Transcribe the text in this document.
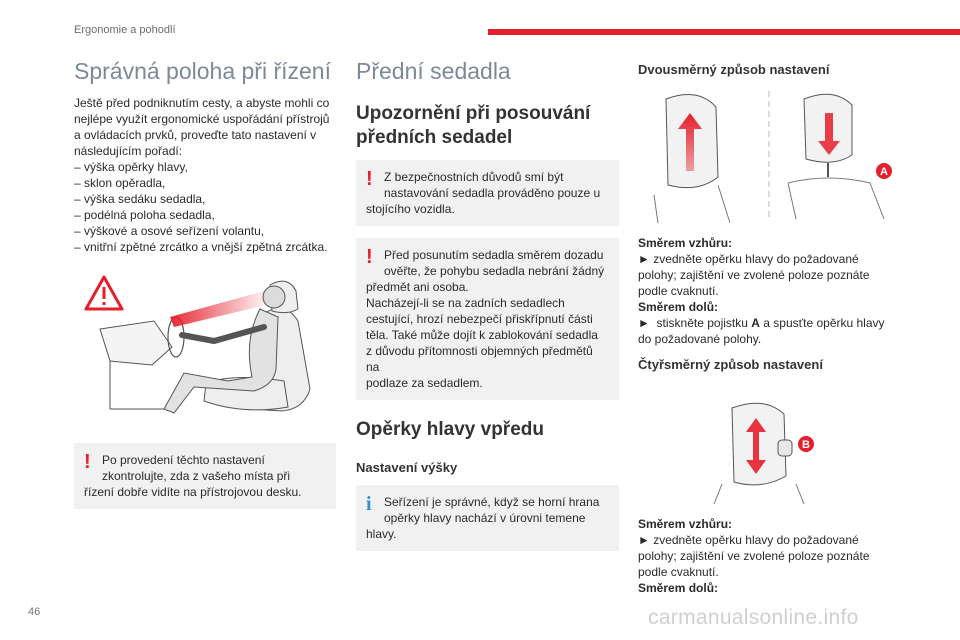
Ergonomie a pohodlí
46	carmanualsonline.info
Správná poloha při řízení

Ještě před podniknutím cesty, a abyste mohli co

nejlépe využít ergonomické uspořádání přístrojů

a ovládacích prvků, proveďte tato nastavení v

následujícím pořadí:

– výška opěrky hlavy,

– sklon opěradla,

– výška sedáku sedadla,

– podélná poloha sedadla,

– výškové a osové seřízení volantu,

– vnitřní zpětné zrcátko a vnější zpětná zrcátka.

! Po provedení těchto nastavení

zkontrolujte, zda z vašeho místa při

řízení dobře vidíte na přístrojovou desku.

Přední sedadla
Upozornění při posouvání
předních sedadel
! Z bezpečnostních důvodů smí být

nastavování sedadla prováděno pouze u

stojícího vozidla.

! Před posunutím sedadla směrem dozadu

ověřte, že pohybu sedadla nebrání žádný

předmět ani osoba.

Nacházejí-li se na zadních sedadlech

cestující, hrozí nebezpečí přiskřípnutí části

těla. Také může dojít k zablokování sedadla

z důvodu přítomnosti objemných předmětů na

podlaze za sedadlem.

Opěrky hlavy vpředu
Nastavení výšky
i Seřízení je správné, když se horní hrana

opěrky hlavy nachází v úrovni temene

hlavy.

Dvousměrný způsob nastavení
A

Směrem vzhůru:

► zvedněte opěrku hlavy do požadované

polohy; zajištění ve zvolené poloze poznáte

podle cvaknutí.

Směrem dolů:

►  stiskněte pojistku A a spusťte opěrku hlavy

do požadované polohy.

Čtyřsměrný způsob nastavení
B

Směrem vzhůru:

► zvedněte opěrku hlavy do požadované

polohy; zajištění ve zvolené poloze poznáte

podle cvaknutí.

Směrem dolů:
